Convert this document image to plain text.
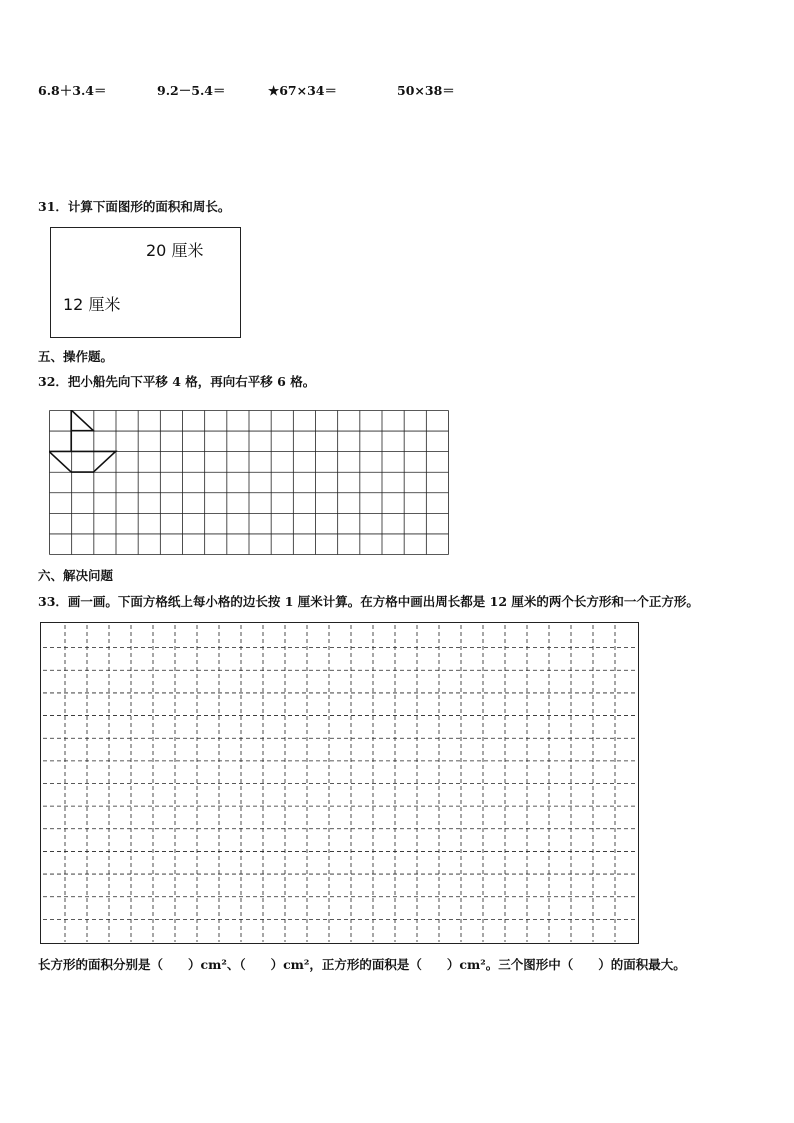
6.8＋3.4＝	9.2－5.4＝	★67×34＝	50×38＝
31．计算下面图形的面积和周长。
20 厘米
12 厘米
五、操作题。
32．把小船先向下平移 4 格，再向右平移 6 格。
六、解决问题
33．画一画。下面方格纸上每小格的边长按 1 厘米计算。在方格中画出周长都是 12 厘米的两个长方形和一个正方形。
长方形的面积分别是（　　）cm²、（　　）cm²，正方形的面积是（　　）cm²。三个图形中（　　）的面积最大。
